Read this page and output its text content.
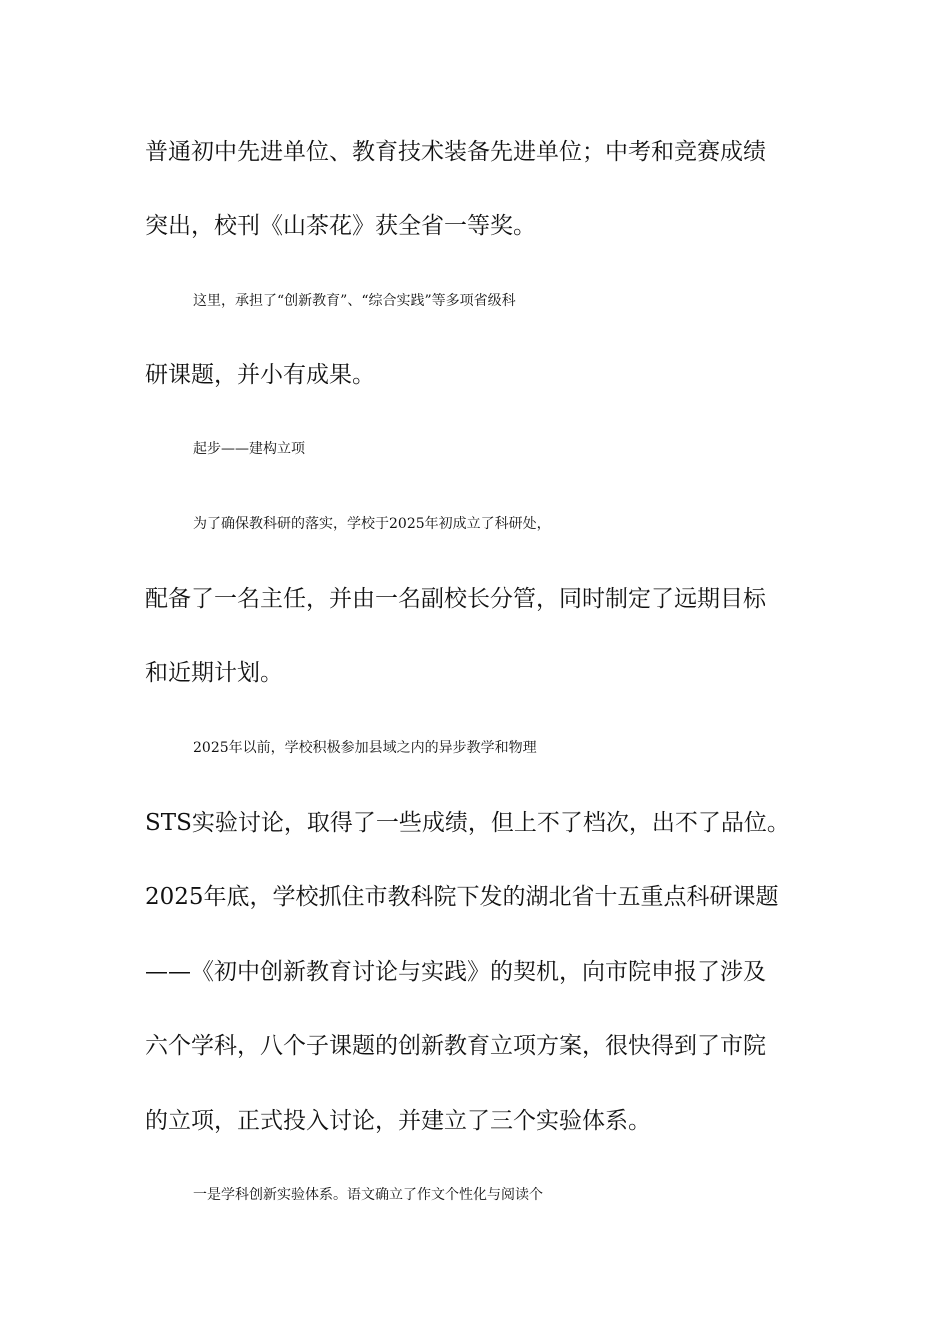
普通初中先进单位、教育技术装备先进单位；中考和竞赛成绩
突出，校刊《山茶花》获全省一等奖。
这里，承担了“创新教育”、“综合实践”等多项省级科
研课题，并小有成果。
起步——建构立项
为了确保教科研的落实，学校于2025年初成立了科研处，
配备了一名主任，并由一名副校长分管，同时制定了远期目标
和近期计划。
2025年以前，学校积极参加县域之内的异步教学和物理
STS实验讨论，取得了一些成绩，但上不了档次，出不了品位。
2025年底，学校抓住市教科院下发的湖北省十五重点科研课题
——《初中创新教育讨论与实践》的契机，向市院申报了涉及
六个学科，八个子课题的创新教育立项方案，很快得到了市院
的立项，正式投入讨论，并建立了三个实验体系。
一是学科创新实验体系。语文确立了作文个性化与阅读个
